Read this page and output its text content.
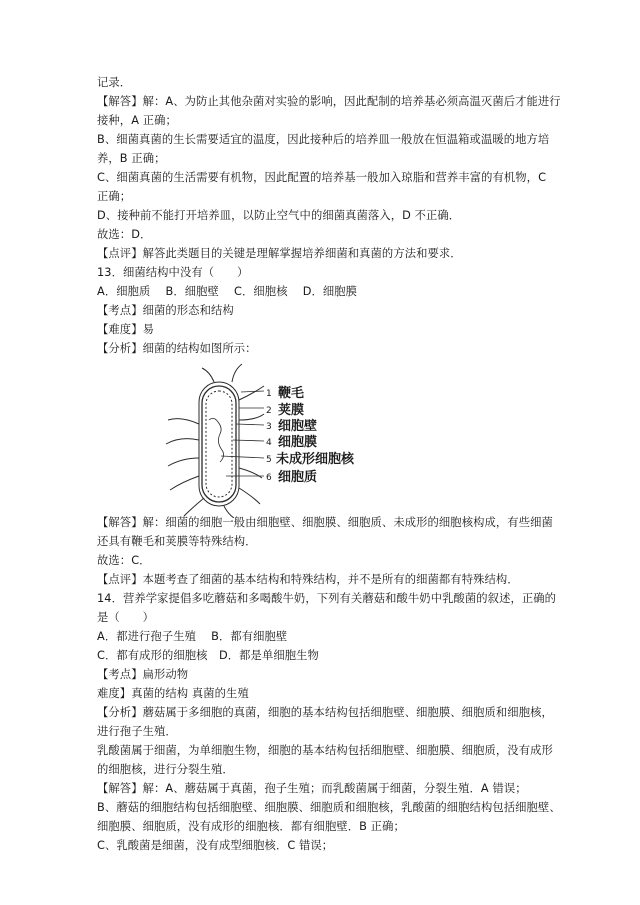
记录．
【解答】解：A、为防止其他杂菌对实验的影响，因此配制的培养基必须高温灭菌后才能进行
接种，A 正确；
B、细菌真菌的生长需要适宜的温度，因此接种后的培养皿一般放在恒温箱或温暖的地方培
养，B 正确；
C、细菌真菌的生活需要有机物，因此配置的培养基一般加入琼脂和营养丰富的有机物，C
正确；
D、接种前不能打开培养皿，以防止空气中的细菌真菌落入，D 不正确．
故选：D．
【点评】解答此类题目的关键是理解掌握培养细菌和真菌的方法和要求．
13．细菌结构中没有（　　）
A．细胞质　 B．细胞壁　 C．细胞核　 D．细胞膜
【考点】细菌的形态和结构
【难度】易
【分析】细菌的结构如图所示：
1 鞭毛
2 荚膜
3 细胞壁
4 细胞膜
5 未成形细胞核
6 细胞质
【解答】解：细菌的细胞一般由细胞壁、细胞膜、细胞质、未成形的细胞核构成，有些细菌
还具有鞭毛和荚膜等特殊结构．
故选：C．
【点评】本题考查了细菌的基本结构和特殊结构，并不是所有的细菌都有特殊结构．
14．营养学家提倡多吃蘑菇和多喝酸牛奶，下列有关蘑菇和酸牛奶中乳酸菌的叙述，正确的
是（　　）
A．都进行孢子生殖　 B．都有细胞壁
C．都有成形的细胞核　D．都是单细胞生物
【考点】扁形动物
难度】真菌的结构 真菌的生殖
【分析】蘑菇属于多细胞的真菌，细胞的基本结构包括细胞壁、细胞膜、细胞质和细胞核，
进行孢子生殖．
乳酸菌属于细菌，为单细胞生物，细胞的基本结构包括细胞壁、细胞膜、细胞质，没有成形
的细胞核，进行分裂生殖．
【解答】解：A、蘑菇属于真菌，孢子生殖；而乳酸菌属于细菌，分裂生殖．A 错误；
B、蘑菇的细胞结构包括细胞壁、细胞膜、细胞质和细胞核，乳酸菌的细胞结构包括细胞壁、
细胞膜、细胞质，没有成形的细胞核．都有细胞壁．B 正确；
C、乳酸菌是细菌，没有成型细胞核．C 错误；
